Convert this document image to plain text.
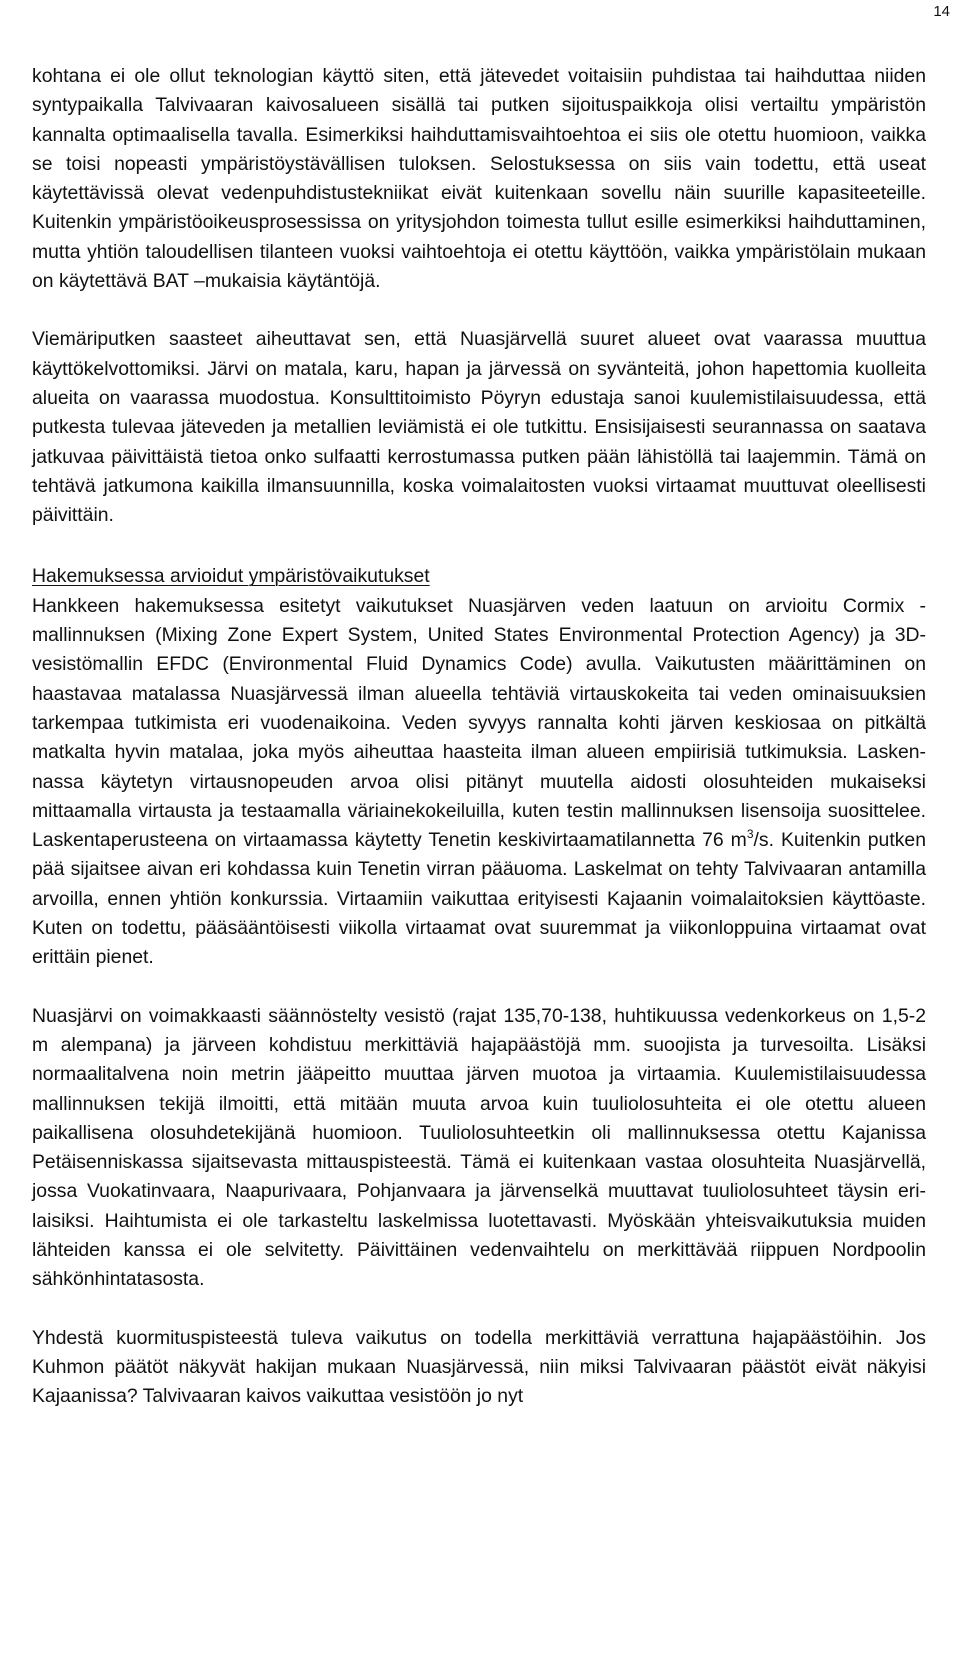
14

kohtana ei ole ollut teknologian käyttö siten, että jätevedet voitaisiin puhdistaa tai haihduttaa niiden syntypaikalla Talvivaaran kaivosalueen sisällä tai putken sijoituspaikkoja olisi vertailtu ympäristön kannalta optimaalisella tavalla. Esimerkiksi haihduttamisvaihtoehtoa ei siis ole otettu huomioon, vaikka se toisi nopeasti ympäristöystävällisen tuloksen. Selostuksessa on siis vain todettu, että useat käytettävissä olevat vedenpuhdistustekniikat eivät kuitenkaan sovellu näin suurille kapasiteeteille. Kuitenkin ympäristöoikeusprosessissa on yritysjohdon toimesta tullut esille esimerkiksi haihduttaminen, mutta yhtiön taloudellisen tilanteen vuoksi vaihtoehtoja ei otettu käyttöön, vaikka ympäristölain mukaan on käytettävä BAT –mukaisia käytäntöjä.

Viemäriputken saasteet aiheuttavat sen, että Nuasjärvellä suuret alueet ovat vaarassa muuttua käyttökelvottomiksi. Järvi on matala, karu, hapan ja järvessä on syvänteitä, johon hapettomia kuolleita alueita on vaarassa muodostua. Konsulttitoimisto Pöyryn edustaja sanoi kuulemistilaisuudessa, että putkesta tulevaa jäteveden ja metallien leviämistä ei ole tutkittu. Ensisijaisesti seurannassa on saatava jatkuvaa päivittäistä tietoa onko sulfaatti kerrostumassa putken pään lähistöllä tai laajemmin. Tämä on tehtävä jatkumona kaikilla ilmansuunnilla, koska voimalaitosten vuoksi virtaamat muuttuvat oleellisesti päivittäin.

Hakemuksessa arvioidut ympäristövaikutukset

Hankkeen hakemuksessa esitetyt vaikutukset Nuasjärven veden laatuun on arvioitu Cormix -mallinnuksen (Mixing Zone Expert System, United States Environmental Protection Agency) ja 3D-vesistömallin EFDC (Environmental Fluid Dynamics Code) avulla. Vaikutusten määrittäminen on haastavaa matalassa Nuasjärvessä ilman alueella tehtäviä virtauskokeita tai veden ominaisuuksien tarkempaa tutkimista eri vuodenaikoina. Veden syvyys rannalta kohti järven keskiosaa on pitkältä matkalta hyvin matalaa, joka myös aiheuttaa haasteita ilman alueen empiirisiä tutkimuksia. Laskennassa käytetyn virtausnopeuden arvoa olisi pitänyt muutella aidosti olosuhteiden mukaiseksi mittaamalla virtausta ja testaamalla väriainekokeiluilla, kuten testin mallinnuksen lisensoija suosittelee. Laskentaperusteena on virtaamassa käytetty Tenetin keskivirtaamatilannetta 76 $m^3/s$. Kuitenkin putken pää sijaitsee aivan eri kohdassa kuin Tenetin virran pääuoma. Laskelmat on tehty Talvivaaran antamilla arvoilla, ennen yhtiön konkurssia. Virtaamiin vaikuttaa erityisesti Kajaanin voimalaitoksien käyttöaste. Kuten on todettu, pääsääntöisesti viikolla virtaamat ovat suuremmat ja viikonloppuina virtaamat ovat erittäin pienet.

Nuasjärvi on voimakkaasti säännöstelty vesistö (rajat 135,70-138, huhtikuussa vedenkorkeus on 1,5-2 m alempana) ja järveen kohdistuu merkittäviä hajapäästöjä mm. suoojista ja turvesoilta. Lisäksi normaalitalvena noin metrin jääpeitto muuttaa järven muotoa ja virtaamia. Kuulemistilaisuudessa mallinnuksen tekijä ilmoitti, että mitään muuta arvoa kuin tuuliolosuhteita ei ole otettu alueen paikallisena olosuhdetekijänä huomioon. Tuuliolosuhteetkin oli mallinnuksessa otettu Kajanissa Petäisenniskassa sijaitsevasta mittauspisteestä. Tämä ei kuitenkaan vastaa olosuhteita Nuasjärvellä, jossa Vuokatinvaara, Naapurivaara, Pohjanvaara ja järvenselkä muuttavat tuuliolosuhteet täysin erilaisiksi. Haihtumista ei ole tarkasteltu laskelmissa luotettavasti. Myöskään yhteisvaikutuksia muiden lähteiden kanssa ei ole selvitetty. Päivittäinen vedenvaihtelu on merkittävää riippuen Nordpoolin sähkönhintatasosta.

Yhdestä kuormituspisteestä tuleva vaikutus on todella merkittäviä verrattuna hajapäästöihin. Jos Kuhmon päätöt näkyvät hakijan mukaan Nuasjärvessä, niin miksi Talvivaaran päästöt eivät näkyisi Kajaanissa? Talvivaaran kaivos vaikuttaa vesistöön jo nyt
